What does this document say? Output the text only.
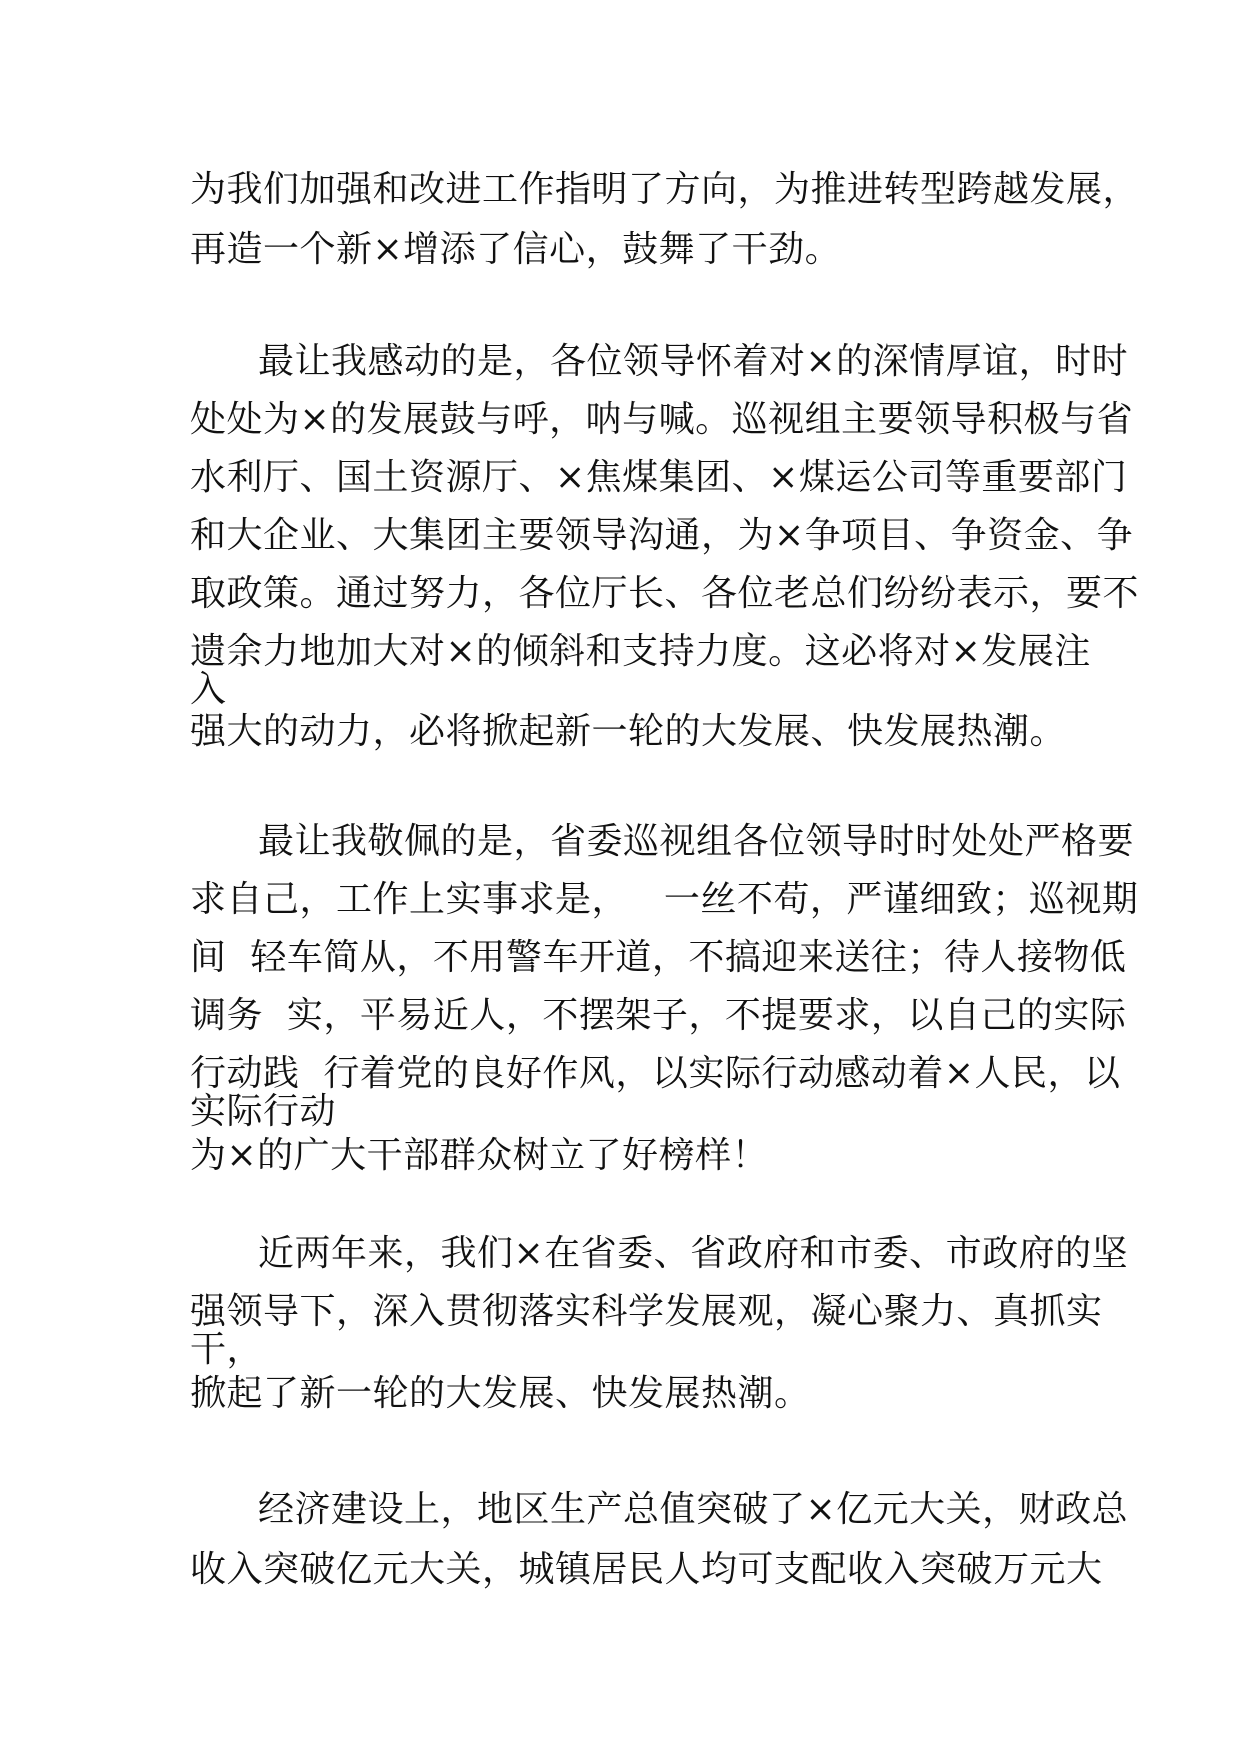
为我们加强和改进工作指明了方向，为推进转型跨越发展，
再造一个新×增添了信心，鼓舞了干劲。
最让我感动的是，各位领导怀着对×的深情厚谊，时时
处处为×的发展鼓与呼，呐与喊。巡视组主要领导积极与省
水利厅、国土资源厅、×焦煤集团、×煤运公司等重要部门
和大企业、大集团主要领导沟通，为×争项目、争资金、争
取政策。通过努力，各位厅长、各位老总们纷纷表示，要不
遗余力地加大对×的倾斜和支持力度。这必将对×发展注
入
强大的动力，必将掀起新一轮的大发展、快发展热潮。
最让我敬佩的是，省委巡视组各位领导时时处处严格要
求自己，工作上实事求是，   一丝不苟，严谨细致；巡视期
间  轻车简从，不用警车开道，不搞迎来送往；待人接物低
调务  实，平易近人，不摆架子，不提要求，以自己的实际
行动践  行着党的良好作风，以实际行动感动着×人民，以
实际行动
为×的广大干部群众树立了好榜样！
近两年来，我们×在省委、省政府和市委、市政府的坚
强领导下，深入贯彻落实科学发展观，凝心聚力、真抓实
干，
掀起了新一轮的大发展、快发展热潮。
经济建设上，地区生产总值突破了×亿元大关，财政总
收入突破亿元大关，城镇居民人均可支配收入突破万元大
